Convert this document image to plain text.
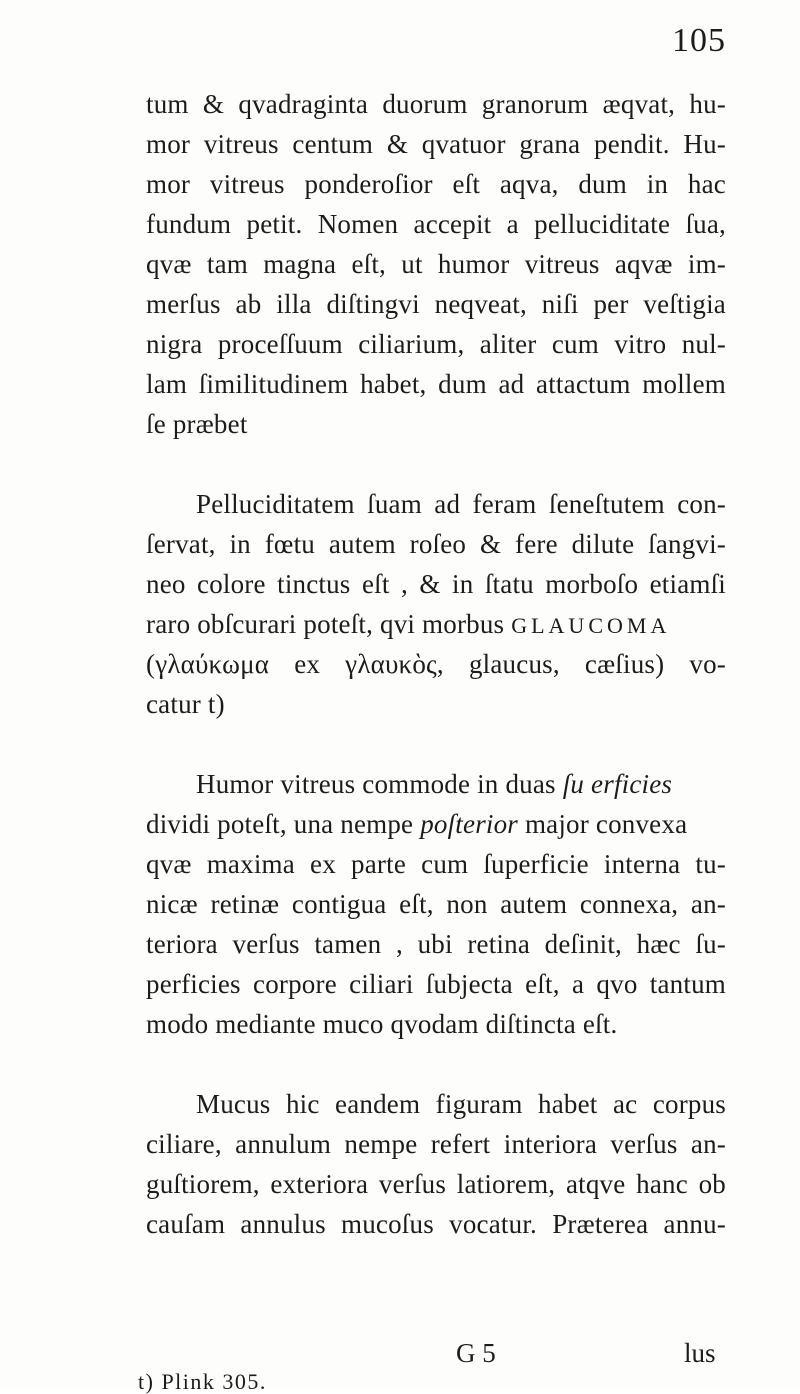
105
tum & qvadraginta duorum granorum æqvat, hu-
mor vitreus centum & qvatuor grana pendit. Hu-
mor vitreus ponderoſior eſt aqva, dum in hac
fundum petit. Nomen accepit a pelluciditate ſua,
qvæ tam magna eſt, ut humor vitreus aqvæ im-
merſus ab illa diſtingvi neqveat, niſi per veſtigia
nigra proceſſuum ciliarium, aliter cum vitro nul-
lam ſimilitudinem habet, dum ad attactum mollem
ſe præbet
Pelluciditatem ſuam ad feram ſeneſtutem con-
ſervat, in fœtu autem roſeo & fere dilute ſangvi-
neo colore tinctus eſt , & in ſtatu morboſo etiamſi
raro obſcurari poteſt, qvi morbus GLAUCOMA
(γλαύκωμα ex γλαυκὸς, glaucus, cæſius) vo-
catur t)
Humor vitreus commode in duas ſu erficies
dividi poteſt, una nempe poſterior major convexa
qvæ maxima ex parte cum ſuperficie interna tu-
nicæ retinæ contigua eſt, non autem connexa, an-
teriora verſus tamen , ubi retina deſinit, hæc ſu-
perficies corpore ciliari ſubjecta eſt, a qvo tantum
modo mediante muco qvodam diſtincta eſt.
Mucus hic eandem figuram habet ac corpus
ciliare, annulum nempe refert interiora verſus an-
guſtiorem, exteriora verſus latiorem, atqve hanc ob
cauſam annulus mucoſus vocatur. Præterea annu-
G 5	lus
t) Plink 305.
